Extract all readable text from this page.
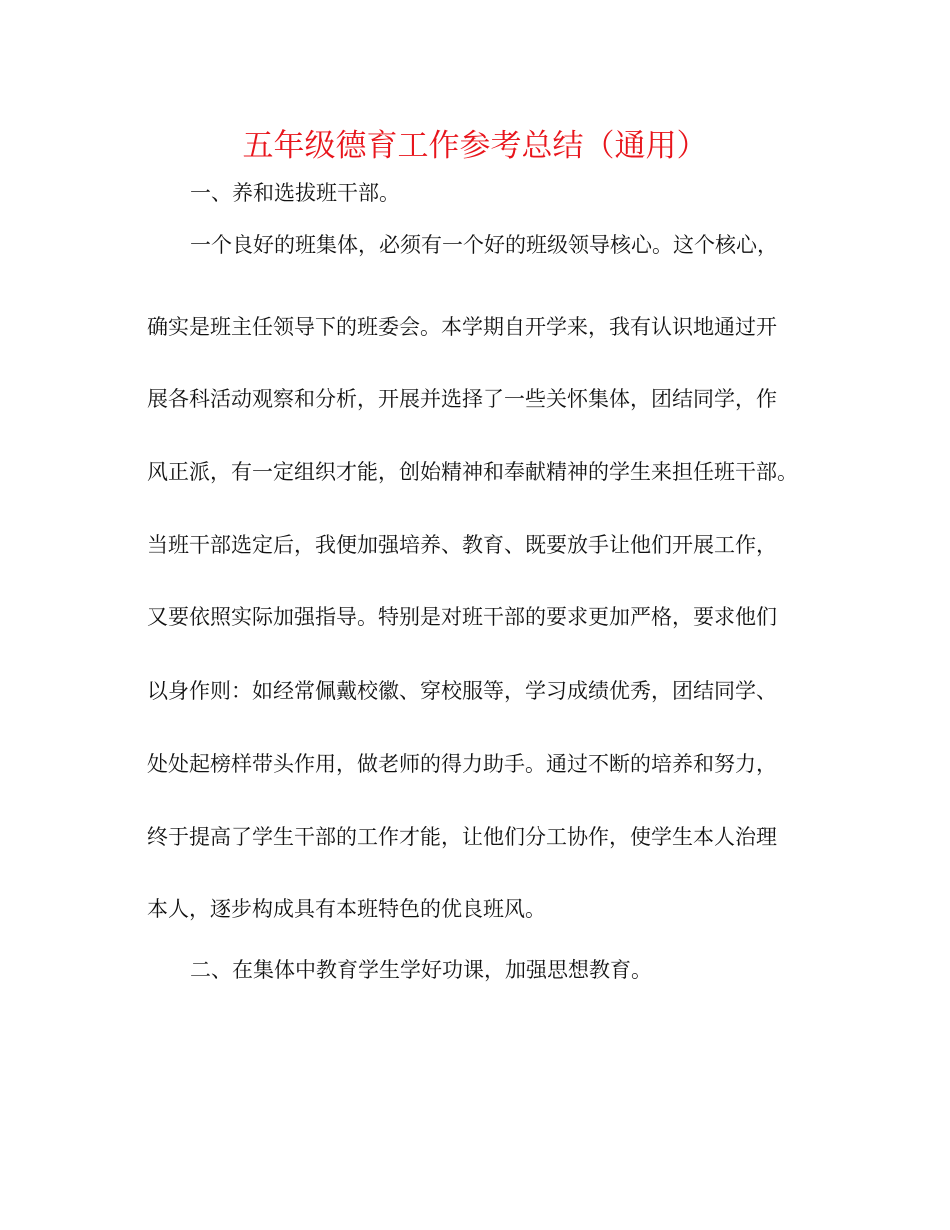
五年级德育工作参考总结（通用）
一、养和选拔班干部。
一个良好的班集体，必须有一个好的班级领导核心。这个核心，
确实是班主任领导下的班委会。本学期自开学来，我有认识地通过开
展各科活动观察和分析，开展并选择了一些关怀集体，团结同学，作
风正派，有一定组织才能，创始精神和奉献精神的学生来担任班干部。
当班干部选定后，我便加强培养、教育、既要放手让他们开展工作，
又要依照实际加强指导。特别是对班干部的要求更加严格，要求他们
以身作则：如经常佩戴校徽、穿校服等，学习成绩优秀，团结同学、
处处起榜样带头作用，做老师的得力助手。通过不断的培养和努力，
终于提高了学生干部的工作才能，让他们分工协作，使学生本人治理
本人，逐步构成具有本班特色的优良班风。
二、在集体中教育学生学好功课，加强思想教育。
